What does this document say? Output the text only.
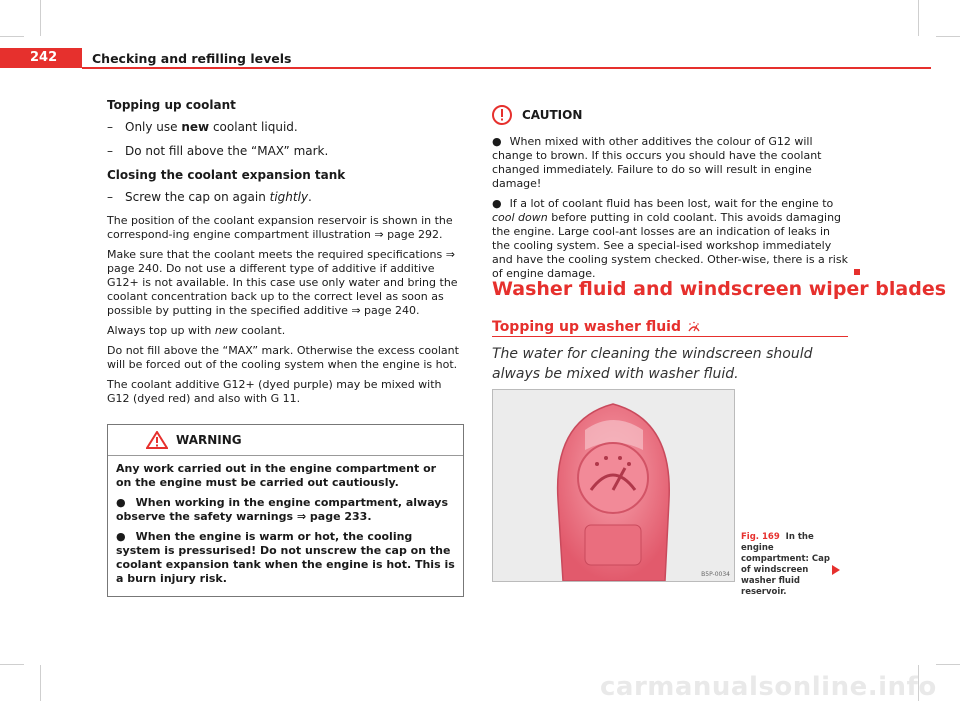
242	Checking and refilling levels
Topping up coolant
–	Only use new coolant liquid.
–	Do not fill above the “MAX” mark.
Closing the coolant expansion tank
–	Screw the cap on again tightly.

The position of the coolant expansion reservoir is shown in the correspond-ing engine compartment illustration ⇒ page 292.

Make sure that the coolant meets the required specifications ⇒ page 240. Do not use a different type of additive if additive G12+ is not available. In this case use only water and bring the coolant concentration back up to the correct level as soon as possible by putting in the specified additive ⇒ page 240.

Always top up with new coolant.

Do not fill above the “MAX” mark. Otherwise the excess coolant will be forced out of the cooling system when the engine is hot.

The coolant additive G12+ (dyed purple) may be mixed with G12 (dyed red) and also with G 11.

WARNING

Any work carried out in the engine compartment or on the engine must be carried out cautiously.

● When working in the engine compartment, always observe the safety warnings ⇒ page 233.

● When the engine is warm or hot, the cooling system is pressurised! Do not unscrew the cap on the coolant expansion tank when the engine is hot. This is a burn injury risk.

CAUTION

● When mixed with other additives the colour of G12 will change to brown. If this occurs you should have the coolant changed immediately. Failure to do so will result in engine damage!

● If a lot of coolant fluid has been lost, wait for the engine to cool down before putting in cold coolant. This avoids damaging the engine. Large cool-ant losses are an indication of leaks in the cooling system. See a special-ised workshop immediately and have the cooling system checked. Other-wise, there is a risk of engine damage.

Washer fluid and windscreen wiper blades
Topping up washer fluid
The water for cleaning the windscreen should always be mixed with washer fluid.
B5P-0034
Fig. 169 In the engine compartment: Cap of windscreen washer fluid reservoir.
carmanualsonline.info
